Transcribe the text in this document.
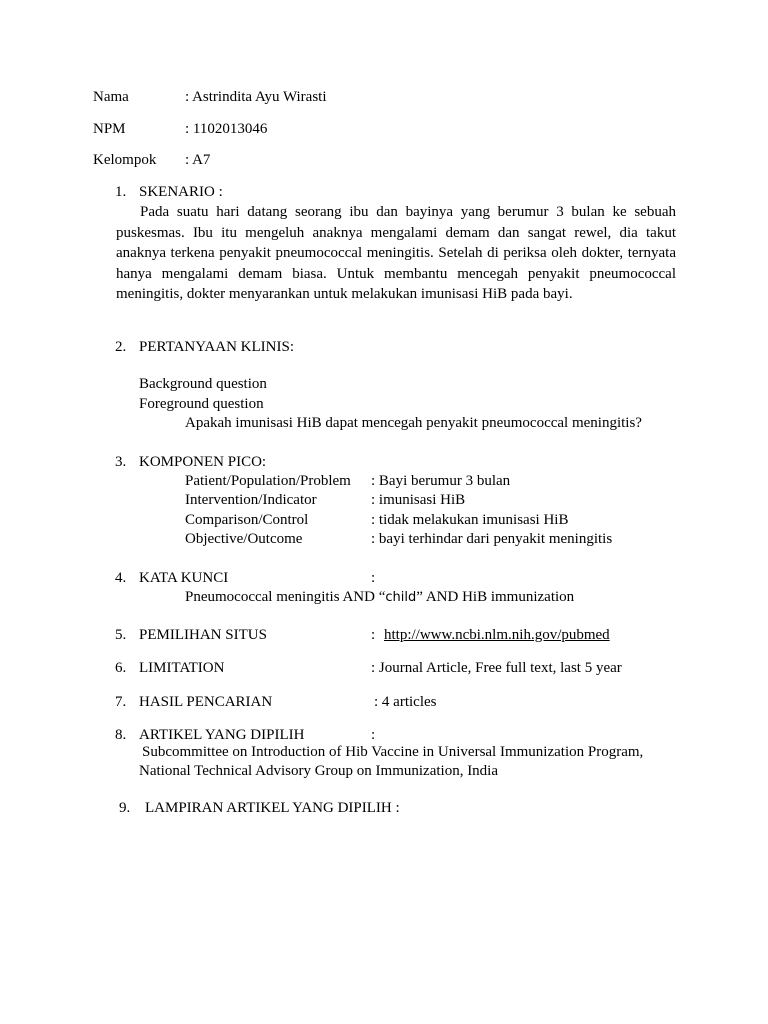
Nama	: Astrindita Ayu Wirasti
NPM	: 1102013046
Kelompok : A7
1. SKENARIO :
Pada suatu hari datang seorang ibu dan bayinya yang berumur 3 bulan ke sebuah puskesmas. Ibu itu mengeluh anaknya mengalami demam dan sangat rewel, dia takut anaknya terkena penyakit pneumococcal meningitis. Setelah di periksa oleh dokter, ternyata hanya mengalami demam biasa. Untuk membantu mencegah penyakit pneumococcal meningitis, dokter menyarankan untuk melakukan imunisasi HiB pada bayi.
2. PERTANYAAN KLINIS:
Background question
Foreground question
Apakah imunisasi HiB dapat mencegah penyakit pneumococcal meningitis?
3. KOMPONEN PICO:
Patient/Population/Problem : Bayi berumur 3 bulan
Intervention/Indicator	: imunisasi HiB
Comparison/Control	: tidak melakukan imunisasi HiB
Objective/Outcome	: bayi terhindar dari penyakit meningitis
4. KATA KUNCI	:
Pneumococcal meningitis AND “child” AND HiB immunization
5. PEMILIHAN SITUS	: http://www.ncbi.nlm.nih.gov/pubmed
6. LIMITATION	: Journal Article, Free full text, last 5 year
7. HASIL PENCARIAN	: 4 articles
8. ARTIKEL YANG DIPILIH	:
Subcommittee on Introduction of Hib Vaccine in Universal Immunization Program,
National Technical Advisory Group on Immunization, India
9. LAMPIRAN ARTIKEL YANG DIPILIH :
